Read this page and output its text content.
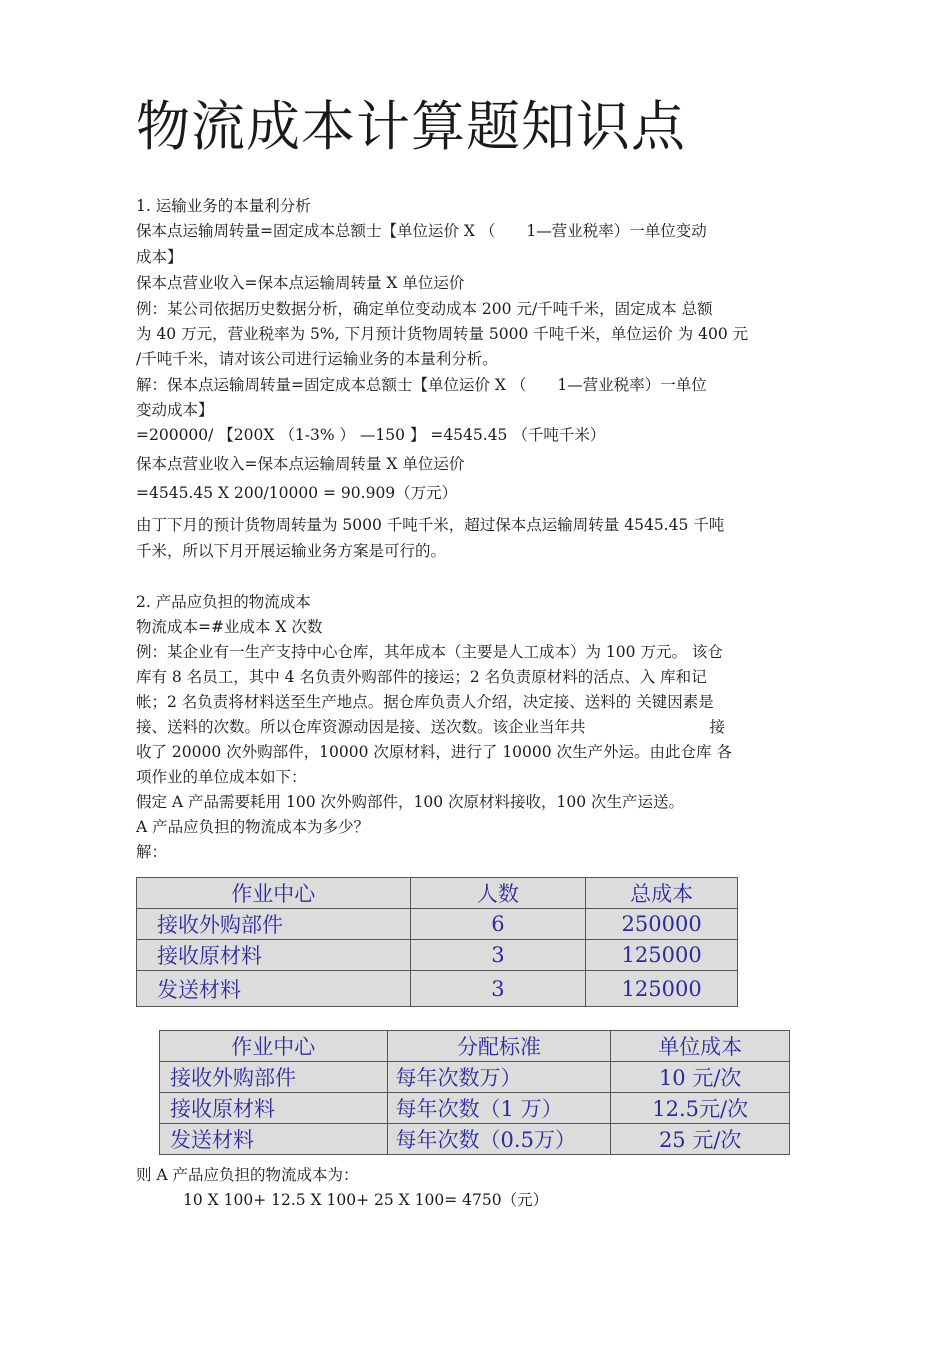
物流成本计算题知识点
1. 运输业务的本量利分析
保本点运输周转量=固定成本总额士【单位运价 X （　　1—营业税率）一单位变动
成本】
保本点营业收入=保本点运输周转量 X 单位运价
例：某公司依据历史数据分析，确定单位变动成本 200 元/千吨千米，固定成本 总额
为 40 万元，营业税率为 5%, 下月预计货物周转量 5000 千吨千米，单位运价 为 400 元
/千吨千米，请对该公司进行运输业务的本量利分析。
解：保本点运输周转量=固定成本总额士【单位运价 X （　　1—营业税率）一单位
变动成本】
=200000/ 【200X （1-3% ） —150 】 =4545.45 （千吨千米）
保本点营业收入=保本点运输周转量 X 单位运价
=4545.45 X 200/10000 = 90.909（万元）
由丁下月的预计货物周转量为 5000 千吨千米，超过保本点运输周转量 4545.45 千吨
千米，所以下月开展运输业务方案是可行的。
2. 产品应负担的物流成本
物流成本=#业成本 X 次数
例：某企业有一生产支持中心仓库，其年成本（主要是人工成本）为 100 万元。 该仓
库有 8 名员工，其中 4 名负责外购部件的接运；2 名负责原材料的活点、入 库和记
帐；2 名负责将材料送至生产地点。据仓库负责人介绍，决定接、送料的 关键因素是
接、送料的次数。所以仓库资源动因是接、送次数。该企业当年共　　　　　　　　接
收了 20000 次外购部件，10000 次原材料，进行了 10000 次生产外运。由此仓库 各
项作业的单位成本如下：
假定 A 产品需要耗用 100 次外购部件，100 次原材料接收，100 次生产运送。
A 产品应负担的物流成本为多少？
解：
作业中心	人数	总成本
接收外购部件	6	250000
接收原材料	3	125000
发送材料	3	125000
作业中心	分配标准	单位成本
接收外购部件	每年次数万）	10 元/次
接收原材料	每年次数（1 万）	12.5元/次
发送材料	每年次数（0.5万）	25 元/次
则 A 产品应负担的物流成本为：
10 X 100+ 12.5 X 100+ 25 X 100= 4750（元）
